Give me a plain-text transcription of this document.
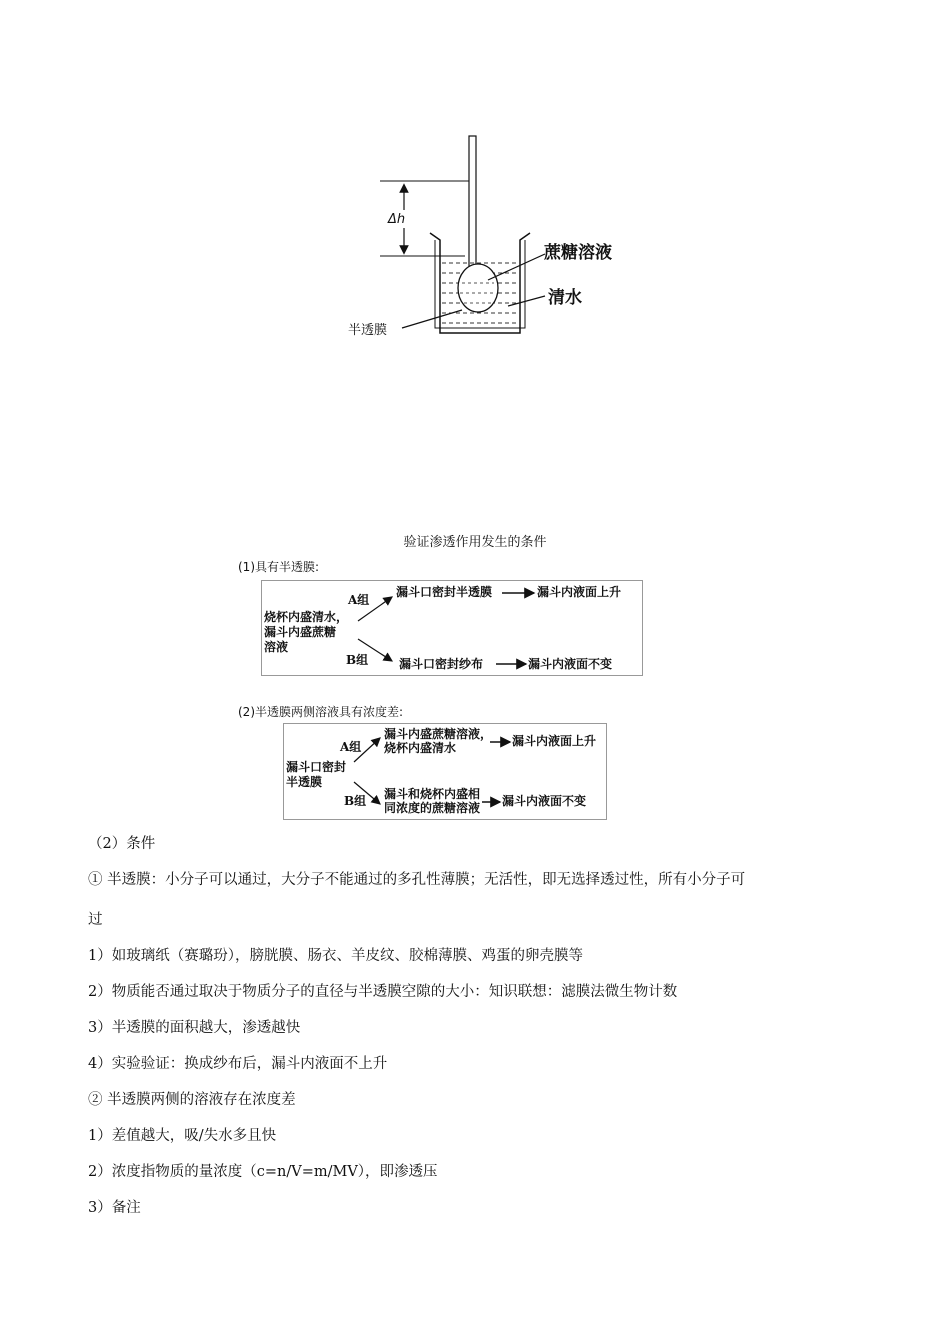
Δh
蔗糖溶液
清水
半透膜
验证渗透作用发生的条件
(1)具有半透膜:
烧杯内盛清水，
漏斗内盛蔗糖
溶液
A组
B组
漏斗口密封半透膜	漏斗内液面上升
漏斗口密封纱布	漏斗内液面不变
(2)半透膜两侧溶液具有浓度差:
漏斗口密封
半透膜
A组
B组
漏斗内盛蔗糖溶液，
烧杯内盛清水	漏斗内液面上升
漏斗和烧杯内盛相
同浓度的蔗糖溶液 漏斗内液面不变
（2）条件
① 半透膜：小分子可以通过，大分子不能通过的多孔性薄膜；无活性，即无选择透过性，所有小分子可
过
1）如玻璃纸（赛璐玢），膀胱膜、肠衣、羊皮纹、胶棉薄膜、鸡蛋的卵壳膜等
2）物质能否通过取决于物质分子的直径与半透膜空隙的大小：知识联想：滤膜法微生物计数
3）半透膜的面积越大，渗透越快
4）实验验证：换成纱布后，漏斗内液面不上升
② 半透膜两侧的溶液存在浓度差
1）差值越大，吸/失水多且快
2）浓度指物质的量浓度（c=n/V=m/MV），即渗透压
3）备注
